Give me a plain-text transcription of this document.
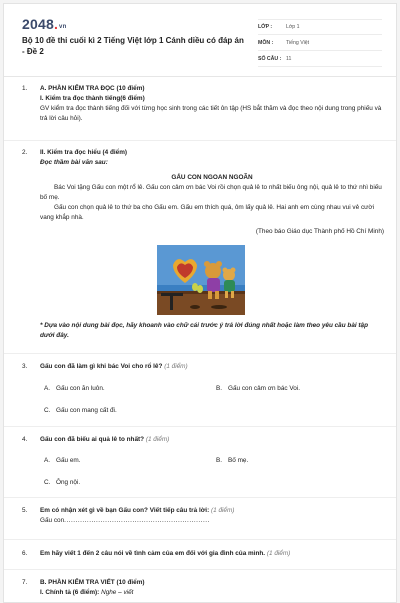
2048.vn
Bộ 10 đề thi cuối kì 2 Tiếng Việt lớp 1 Cánh diều có đáp án - Đề 2
LỚP :	Lớp 1
MÔN :	Tiếng Việt
SỐ CÂU : 11
1. A. PHẦN KIỂM TRA ĐỌC (10 điểm)
I. Kiểm tra đọc thành tiếng(6 điểm)
GV kiểm tra đọc thành tiếng đối với từng học sinh trong các tiết ôn tập (HS bắt thăm và đọc theo nội dung trong phiếu và trả lời câu hỏi).
2. II. Kiểm tra đọc hiểu (4 điểm)
Đọc thầm bài văn sau:
GẤU CON NGOAN NGOÃN
Bác Voi tặng Gấu con một rổ lê. Gấu con cảm ơn bác Voi rồi chọn quả lê to nhất biếu ông nội, quả lê to thứ nhì biếu bố mẹ.
Gấu con chọn quả lê to thứ ba cho Gấu em. Gấu em thích quá, ôm lấy quả lê. Hai anh em cùng nhau vui vẻ cười vang khắp nhà.
(Theo báo Giáo dục Thành phố Hồ Chí Minh)
* Dựa vào nội dung bài đọc, hãy khoanh vào chữ cái trước ý trả lời đúng nhất hoặc làm theo yêu cầu bài tập dưới đây.
3. Gấu con đã làm gì khi bác Voi cho rổ lê? (1 điểm)
A. Gấu con ăn luôn.	B. Gấu con cảm ơn bác Voi.
C. Gấu con mang cất đi.
4. Gấu con đã biếu ai quả lê to nhất? (1 điểm)
A. Gấu em.	B. Bố mẹ.
C. Ông nội.
5. Em có nhận xét gì về bạn Gấu con? Viết tiếp câu trả lời: (1 điểm)
Gấu con................................................................
6. Em hãy viết 1 đến 2 câu nói về tình cảm của em đối với gia đình của mình. (1 điểm)
7. B. PHẦN KIỂM TRA VIẾT (10 điểm)
I. Chính tả (6 điểm): Nghe – viết
